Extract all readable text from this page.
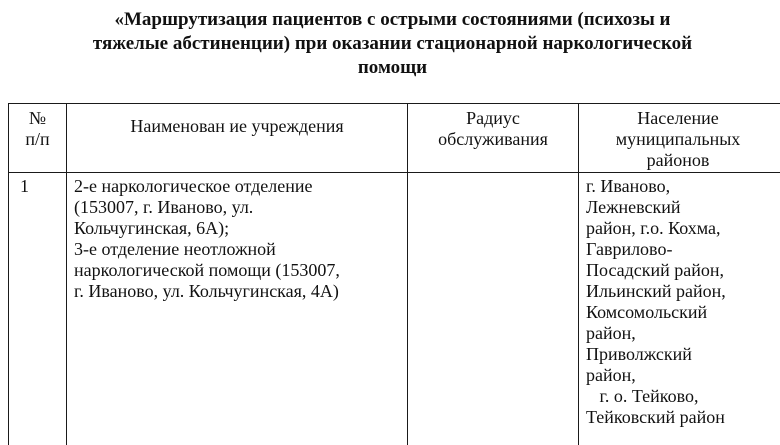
«Маршрутизация пациентов с острыми состояниями (психозы и
тяжелые абстиненции) при оказании стационарной наркологической
помощи
№
п/п
Наименован ие учреждения	Радиус
обслуживания
Население
муниципальных
районов
1	2-е наркологическое отделение
(153007, г. Иваново, ул.
Кольчугинская, 6А);
3-е отделение неотложной
наркологической помощи (153007,
г. Иваново, ул. Кольчугинская, 4А)
г. Иваново,
Лежневский
район, г.о. Кохма,
Гаврилово-
Посадский район,
Ильинский район,
Комсомольский
район,
Приволжский
район,
г. о. Тейково,
Тейковский район
